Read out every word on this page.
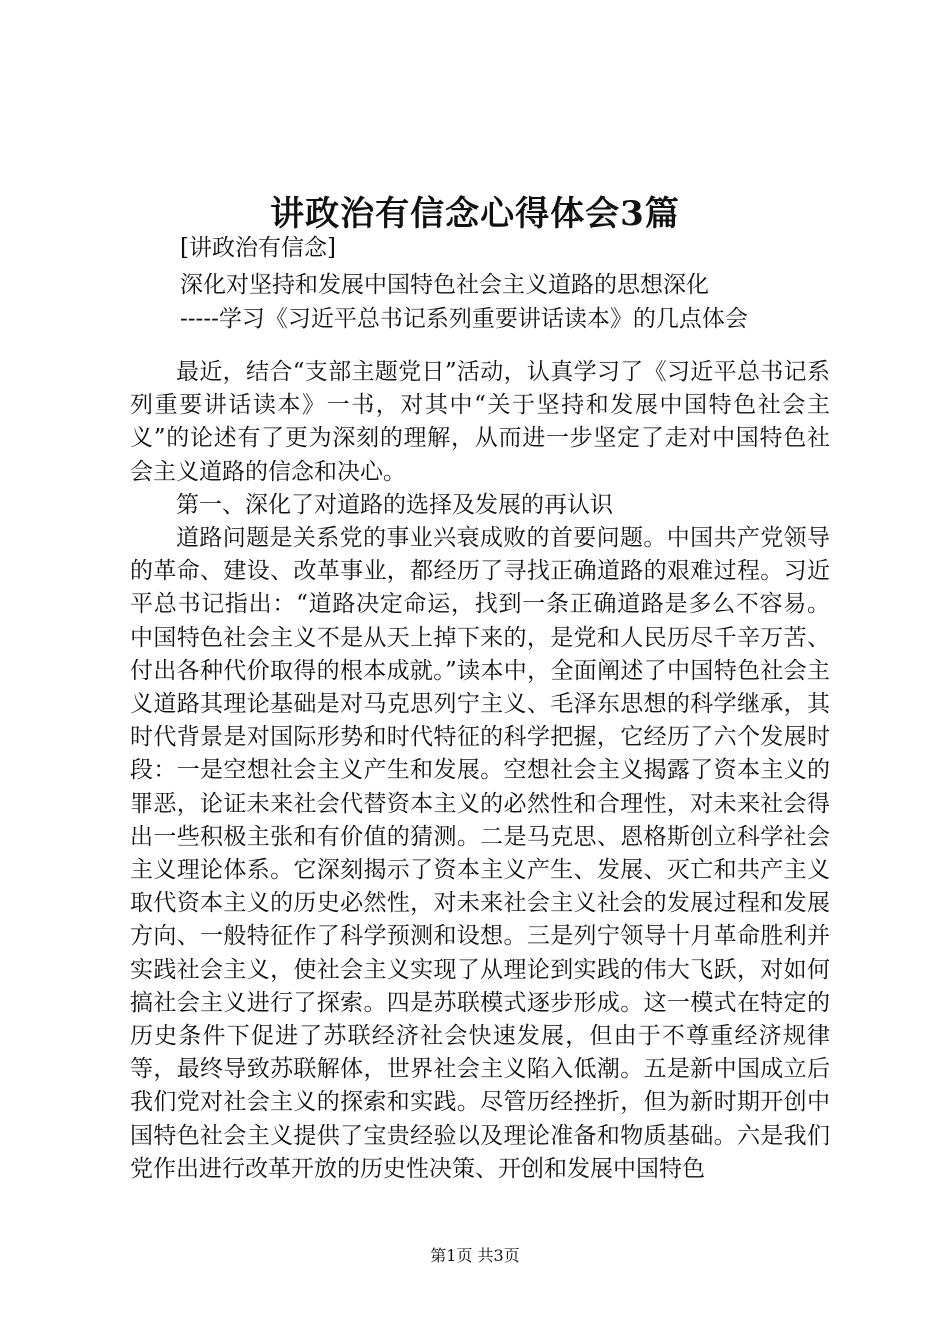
讲政治有信念心得体会3篇

[讲政治有信念]

深化对坚持和发展中国特色社会主义道路的思想深化

-----学习《习近平总书记系列重要讲话读本》的几点体会

最近，结合“支部主题党日”活动，认真学习了《习近平总书记系列重要讲话读本》一书，对其中“关于坚持和发展中国特色社会主义”的论述有了更为深刻的理解，从而进一步坚定了走对中国特色社会主义道路的信念和决心。

第一、深化了对道路的选择及发展的再认识

道路问题是关系党的事业兴衰成败的首要问题。中国共产党领导的革命、建设、改革事业，都经历了寻找正确道路的艰难过程。习近平总书记指出：“道路决定命运，找到一条正确道路是多么不容易。中国特色社会主义不是从天上掉下来的，是党和人民历尽千辛万苦、付出各种代价取得的根本成就。”读本中，全面阐述了中国特色社会主义道路其理论基础是对马克思列宁主义、毛泽东思想的科学继承，其时代背景是对国际形势和时代特征的科学把握，它经历了六个发展时段：一是空想社会主义产生和发展。空想社会主义揭露了资本主义的罪恶，论证未来社会代替资本主义的必然性和合理性，对未来社会得出一些积极主张和有价值的猜测。二是马克思、恩格斯创立科学社会主义理论体系。它深刻揭示了资本主义产生、发展、灭亡和共产主义取代资本主义的历史必然性，对未来社会主义社会的发展过程和发展方向、一般特征作了科学预测和设想。三是列宁领导十月革命胜利并实践社会主义，使社会主义实现了从理论到实践的伟大飞跃，对如何搞社会主义进行了探索。四是苏联模式逐步形成。这一模式在特定的历史条件下促进了苏联经济社会快速发展，但由于不尊重经济规律等，最终导致苏联解体，世界社会主义陷入低潮。五是新中国成立后我们党对社会主义的探索和实践。尽管历经挫折，但为新时期开创中国特色社会主义提供了宝贵经验以及理论准备和物质基础。六是我们党作出进行改革开放的历史性决策、开创和发展中国特色

第1页 共3页
